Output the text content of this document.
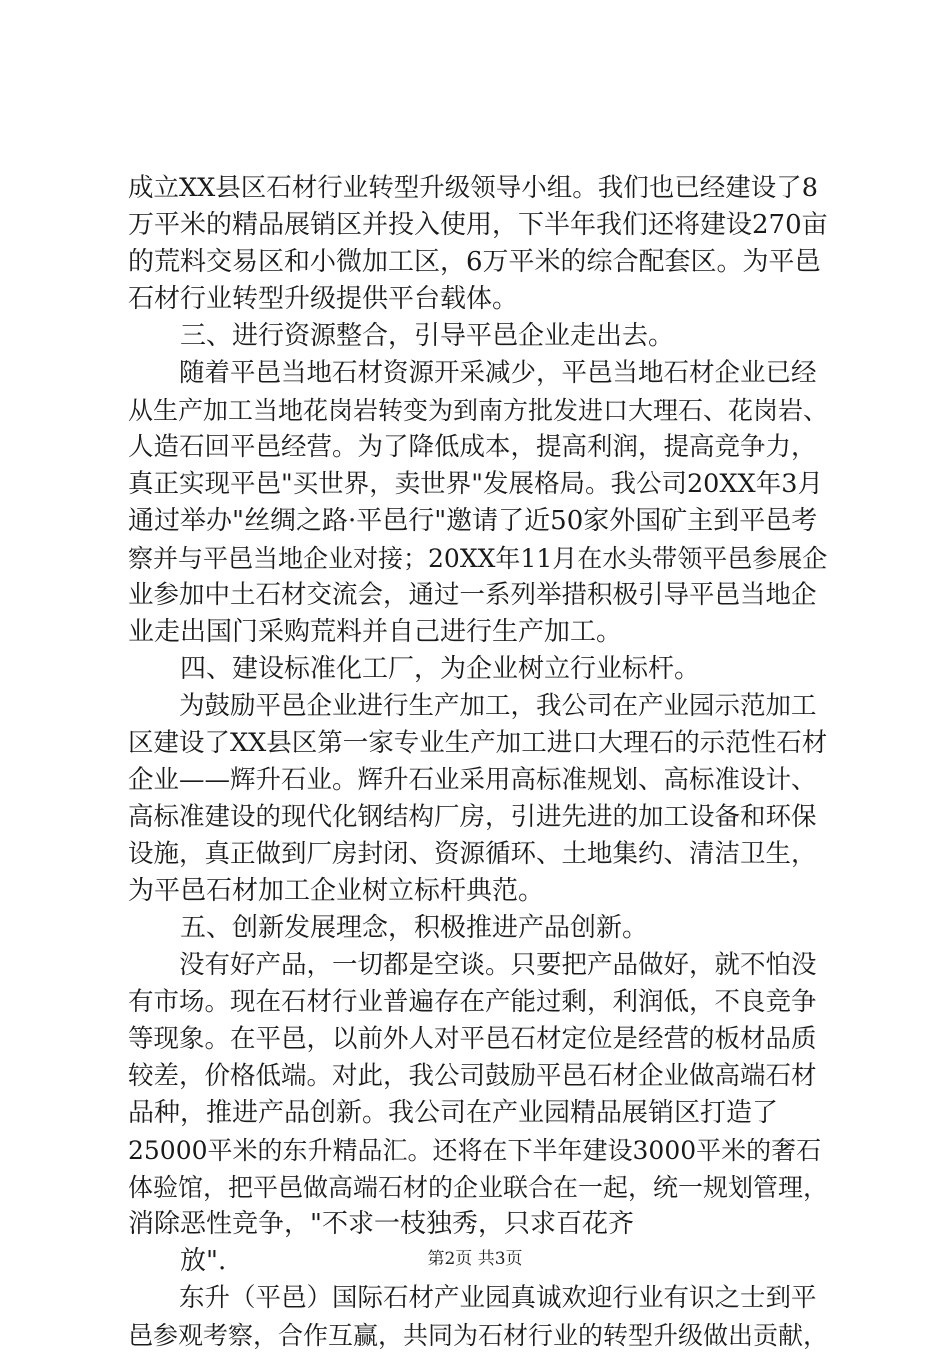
成立XX县区石材行业转型升级领导小组。我们也已经建设了8
万平米的精品展销区并投入使用，下半年我们还将建设270亩
的荒料交易区和小微加工区，6万平米的综合配套区。为平邑
石材行业转型升级提供平台载体。
　　三、进行资源整合，引导平邑企业走出去。
　　随着平邑当地石材资源开采减少，平邑当地石材企业已经
从生产加工当地花岗岩转变为到南方批发进口大理石、花岗岩、
人造石回平邑经营。为了降低成本，提高利润，提高竞争力，
真正实现平邑"买世界，卖世界"发展格局。我公司20XX年3月
通过举办"丝绸之路·平邑行"邀请了近50家外国矿主到平邑考
察并与平邑当地企业对接；20XX年11月在水头带领平邑参展企
业参加中土石材交流会，通过一系列举措积极引导平邑当地企
业走出国门采购荒料并自己进行生产加工。
　　四、建设标准化工厂，为企业树立行业标杆。
　　为鼓励平邑企业进行生产加工，我公司在产业园示范加工
区建设了XX县区第一家专业生产加工进口大理石的示范性石材
企业——辉升石业。辉升石业采用高标准规划、高标准设计、
高标准建设的现代化钢结构厂房，引进先进的加工设备和环保
设施，真正做到厂房封闭、资源循环、土地集约、清洁卫生，
为平邑石材加工企业树立标杆典范。
　　五、创新发展理念，积极推进产品创新。
　　没有好产品，一切都是空谈。只要把产品做好，就不怕没
有市场。现在石材行业普遍存在产能过剩，利润低，不良竞争
等现象。在平邑，以前外人对平邑石材定位是经营的板材品质
较差，价格低端。对此，我公司鼓励平邑石材企业做高端石材
品种，推进产品创新。我公司在产业园精品展销区打造了
25000平米的东升精品汇。还将在下半年建设3000平米的奢石
体验馆，把平邑做高端石材的企业联合在一起，统一规划管理，
消除恶性竞争，"不求一枝独秀，只求百花齐
　　放".
　　东升（平邑）国际石材产业园真诚欢迎行业有识之士到平
邑参观考察，合作互赢，共同为石材行业的转型升级做出贡献，
第2页 共3页
